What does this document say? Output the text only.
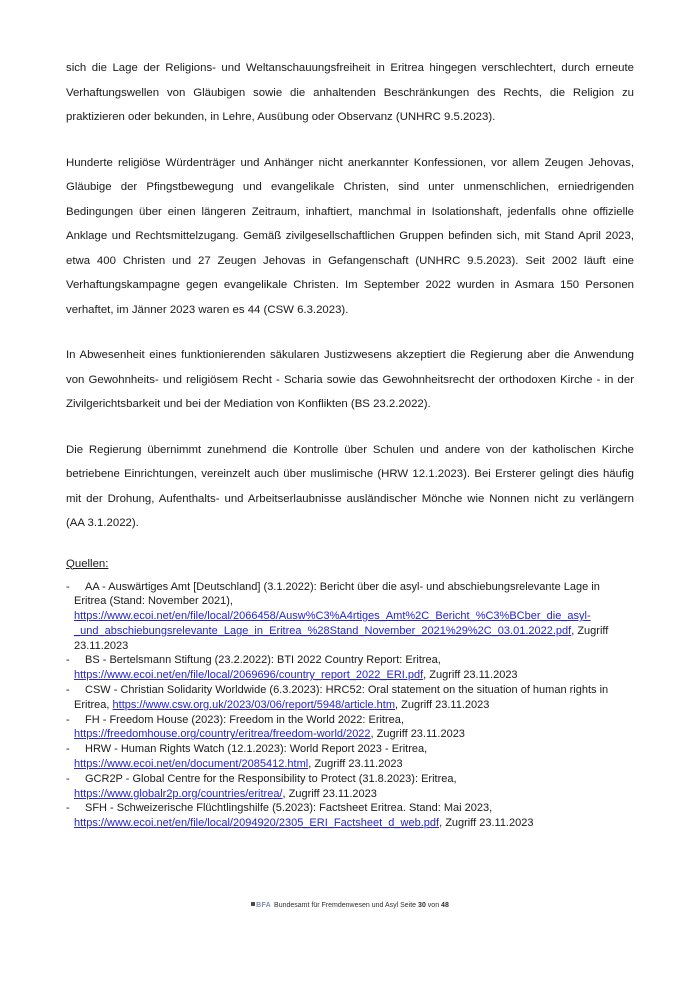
sich die Lage der Religions- und Weltanschauungsfreiheit in Eritrea hingegen verschlechtert, durch erneute Verhaftungswellen von Gläubigen sowie die anhaltenden Beschränkungen des Rechts, die Religion zu praktizieren oder bekunden, in Lehre, Ausübung oder Observanz (UNHRC 9.5.2023).

Hunderte religiöse Würdenträger und Anhänger nicht anerkannter Konfessionen, vor allem Zeugen Jehovas, Gläubige der Pfingstbewegung und evangelikale Christen, sind unter unmenschlichen, erniedrigenden Bedingungen über einen längeren Zeitraum, inhaftiert, manchmal in Isolationshaft, jedenfalls ohne offizielle Anklage und Rechtsmittelzugang. Gemäß zivilgesellschaftlichen Gruppen befinden sich, mit Stand April 2023, etwa 400 Christen und 27 Zeugen Jehovas in Gefangenschaft (UNHRC 9.5.2023). Seit 2002 läuft eine Verhaftungskampagne gegen evangelikale Christen. Im September 2022 wurden in Asmara 150 Personen verhaftet, im Jänner 2023 waren es 44 (CSW 6.3.2023).

In Abwesenheit eines funktionierenden säkularen Justizwesens akzeptiert die Regierung aber die Anwendung von Gewohnheits- und religiösem Recht - Scharia sowie das Gewohnheitsrecht der orthodoxen Kirche - in der Zivilgerichtsbarkeit und bei der Mediation von Konflikten (BS 23.2.2022).

Die Regierung übernimmt zunehmend die Kontrolle über Schulen und andere von der katholischen Kirche betriebene Einrichtungen, vereinzelt auch über muslimische (HRW 12.1.2023). Bei Ersterer gelingt dies häufig mit der Drohung, Aufenthalts- und Arbeitserlaubnisse ausländischer Mönche wie Nonnen nicht zu verlängern (AA 3.1.2022).

Quellen:
- AA - Auswärtiges Amt [Deutschland] (3.1.2022): Bericht über die asyl- und abschiebungsrelevante Lage in Eritrea (Stand: November 2021), https://www.ecoi.net/en/file/local/2066458/Ausw%C3%A4rtiges_Amt%2C_Bericht_%C3%BCber_die_asyl-_und_abschiebungsrelevante_Lage_in_Eritrea_%28Stand_November_2021%29%2C_03.01.2022.pdf, Zugriff 23.11.2023
- BS - Bertelsmann Stiftung (23.2.2022): BTI 2022 Country Report: Eritrea, https://www.ecoi.net/en/file/local/2069696/country_report_2022_ERI.pdf, Zugriff 23.11.2023
- CSW - Christian Solidarity Worldwide (6.3.2023): HRC52: Oral statement on the situation of human rights in Eritrea, https://www.csw.org.uk/2023/03/06/report/5948/article.htm, Zugriff 23.11.2023
- FH - Freedom House (2023): Freedom in the World 2022: Eritrea, https://freedomhouse.org/country/eritrea/freedom-world/2022, Zugriff 23.11.2023
- HRW - Human Rights Watch (12.1.2023): World Report 2023 - Eritrea, https://www.ecoi.net/en/document/2085412.html, Zugriff 23.11.2023
- GCR2P - Global Centre for the Responsibility to Protect (31.8.2023): Eritrea, https://www.globalr2p.org/countries/eritrea/, Zugriff 23.11.2023
- SFH - Schweizerische Flüchtlingshilfe (5.2023): Factsheet Eritrea. Stand: Mai 2023, https://www.ecoi.net/en/file/local/2094920/2305_ERI_Factsheet_d_web.pdf, Zugriff 23.11.2023
BFA Bundesamt für Fremdenwesen und Asyl Seite 30 von 48
